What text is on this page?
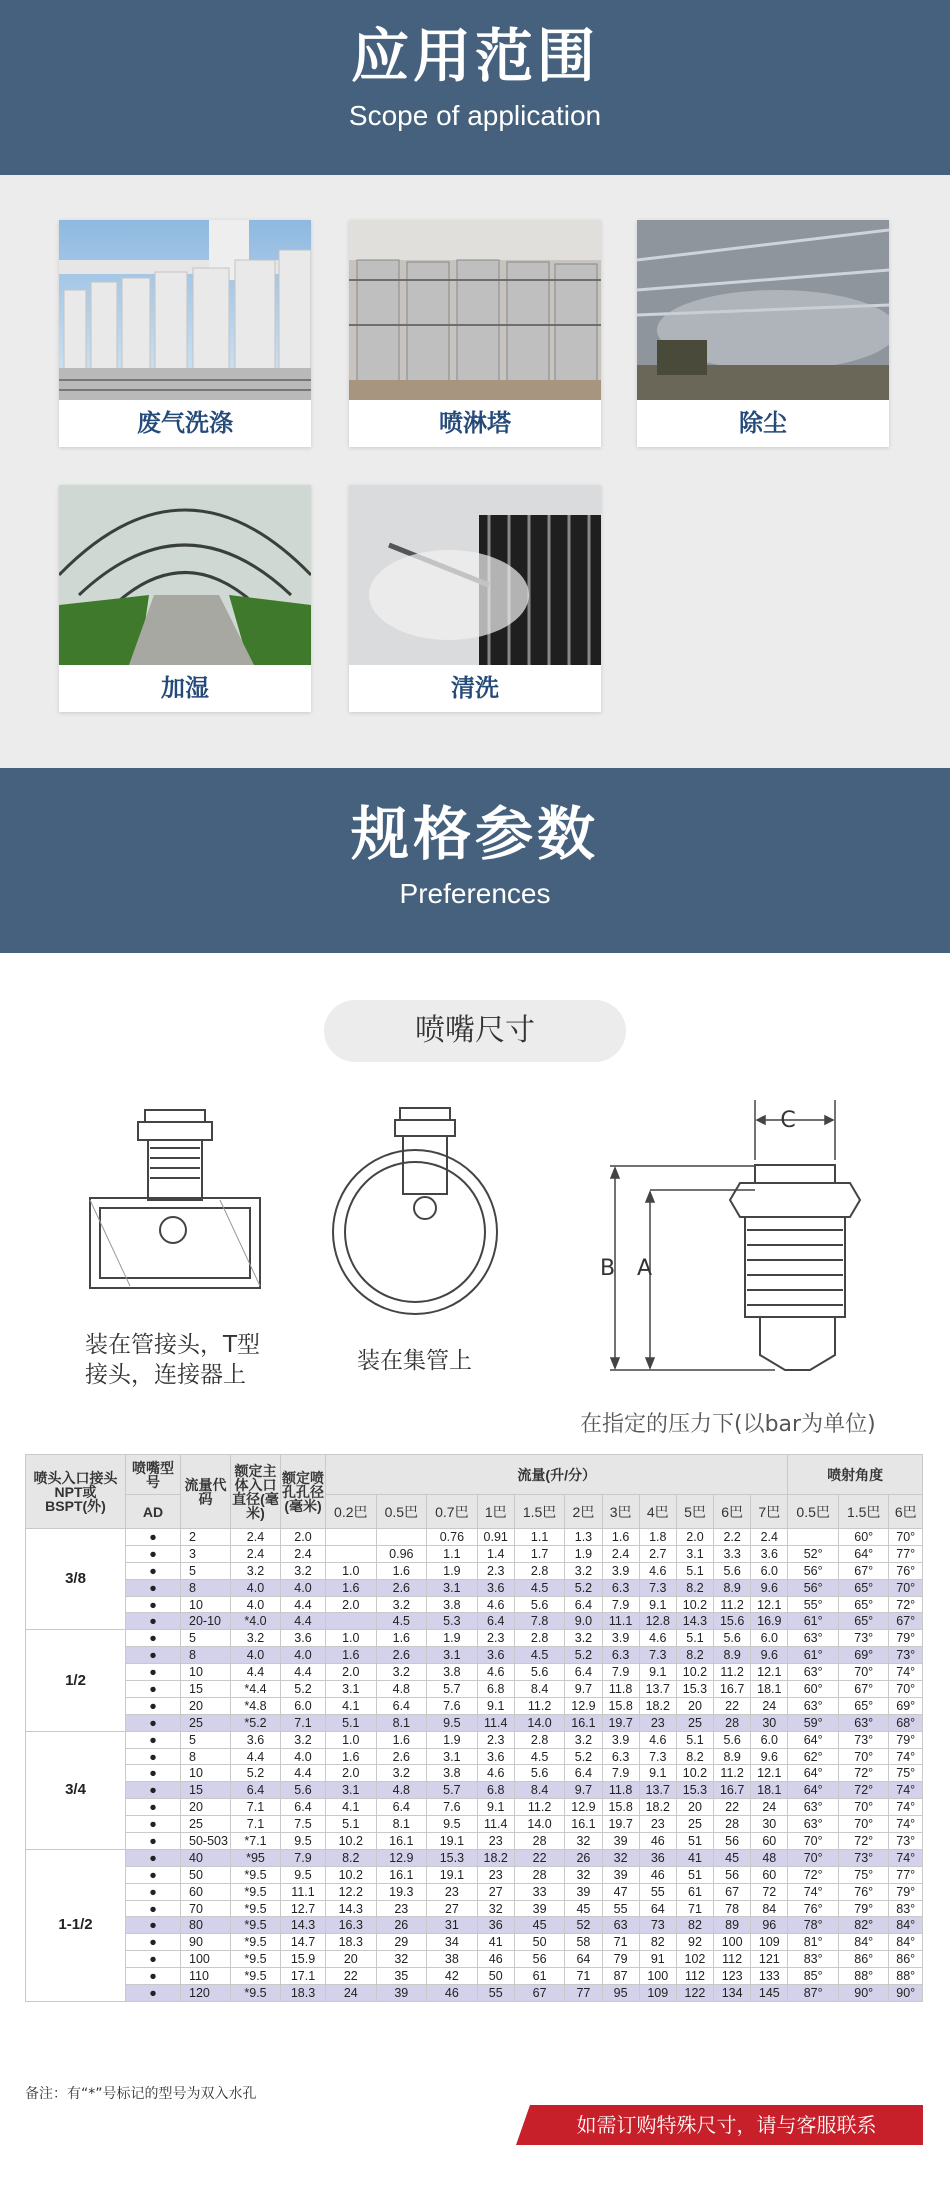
应用范围
Scope of application
废气洗涤	喷淋塔	除尘
加湿	清洗
规格参数
Preferences
喷嘴尺寸
装在管接头，T型
接头，连接器上
装在集管上
C
B A
在指定的压力下(以bar为单位)
喷头入口接头NPT或BSPT(外)	喷嘴型号	流量代码	额定主体入口直径(毫米)	额定喷孔孔径(毫米)	流量(升/分）											喷射角度		
	AD				0.2巴	0.5巴	0.7巴	1巴	1.5巴	2巴	3巴	4巴	5巴	6巴	7巴	0.5巴	1.5巴	6巴
3/8	●	2	2.4	2.0			0.76	0.91	1.1	1.3	1.6	1.8	2.0	2.2	2.4		60°	70°
	●	3	2.4	2.4		0.96	1.1	1.4	1.7	1.9	2.4	2.7	3.1	3.3	3.6	52°	64°	77°
	●	5	3.2	3.2	1.0	1.6	1.9	2.3	2.8	3.2	3.9	4.6	5.1	5.6	6.0	56°	67°	76°
	●	8	4.0	4.0	1.6	2.6	3.1	3.6	4.5	5.2	6.3	7.3	8.2	8.9	9.6	56°	65°	70°
	●	10	4.0	4.4	2.0	3.2	3.8	4.6	5.6	6.4	7.9	9.1	10.2	11.2	12.1	55°	65°	72°
	●	20-10	*4.0	4.4		4.5	5.3	6.4	7.8	9.0	11.1	12.8	14.3	15.6	16.9	61°	65°	67°
1/2	●	5	3.2	3.6	1.0	1.6	1.9	2.3	2.8	3.2	3.9	4.6	5.1	5.6	6.0	63°	73°	79°
	●	8	4.0	4.0	1.6	2.6	3.1	3.6	4.5	5.2	6.3	7.3	8.2	8.9	9.6	61°	69°	73°
	●	10	4.4	4.4	2.0	3.2	3.8	4.6	5.6	6.4	7.9	9.1	10.2	11.2	12.1	63°	70°	74°
	●	15	*4.4	5.2	3.1	4.8	5.7	6.8	8.4	9.7	11.8	13.7	15.3	16.7	18.1	60°	67°	70°
	●	20	*4.8	6.0	4.1	6.4	7.6	9.1	11.2	12.9	15.8	18.2	20	22	24	63°	65°	69°
	●	25	*5.2	7.1	5.1	8.1	9.5	11.4	14.0	16.1	19.7	23	25	28	30	59°	63°	68°
3/4	●	5	3.6	3.2	1.0	1.6	1.9	2.3	2.8	3.2	3.9	4.6	5.1	5.6	6.0	64°	73°	79°
	●	8	4.4	4.0	1.6	2.6	3.1	3.6	4.5	5.2	6.3	7.3	8.2	8.9	9.6	62°	70°	74°
	●	10	5.2	4.4	2.0	3.2	3.8	4.6	5.6	6.4	7.9	9.1	10.2	11.2	12.1	64°	72°	75°
	●	15	6.4	5.6	3.1	4.8	5.7	6.8	8.4	9.7	11.8	13.7	15.3	16.7	18.1	64°	72°	74°
	●	20	7.1	6.4	4.1	6.4	7.6	9.1	11.2	12.9	15.8	18.2	20	22	24	63°	70°	74°
	●	25	7.1	7.5	5.1	8.1	9.5	11.4	14.0	16.1	19.7	23	25	28	30	63°	70°	74°
	●	50-503	*7.1	9.5	10.2	16.1	19.1	23	28	32	39	46	51	56	60	70°	72°	73°
1-1/2	●	40	*95	7.9	8.2	12.9	15.3	18.2	22	26	32	36	41	45	48	70°	73°	74°
	●	50	*9.5	9.5	10.2	16.1	19.1	23	28	32	39	46	51	56	60	72°	75°	77°
	●	60	*9.5	11.1	12.2	19.3	23	27	33	39	47	55	61	67	72	74°	76°	79°
	●	70	*9.5	12.7	14.3	23	27	32	39	45	55	64	71	78	84	76°	79°	83°
	●	80	*9.5	14.3	16.3	26	31	36	45	52	63	73	82	89	96	78°	82°	84°
	●	90	*9.5	14.7	18.3	29	34	41	50	58	71	82	92	100	109	81°	84°	84°
	●	100	*9.5	15.9	20	32	38	46	56	64	79	91	102	112	121	83°	86°	86°
	●	110	*9.5	17.1	22	35	42	50	61	71	87	100	112	123	133	85°	88°	88°
	●	120	*9.5	18.3	24	39	46	55	67	77	95	109	122	134	145	87°	90°	90°
备注：有“*”号标记的型号为双入水孔
如需订购特殊尺寸，请与客服联系
